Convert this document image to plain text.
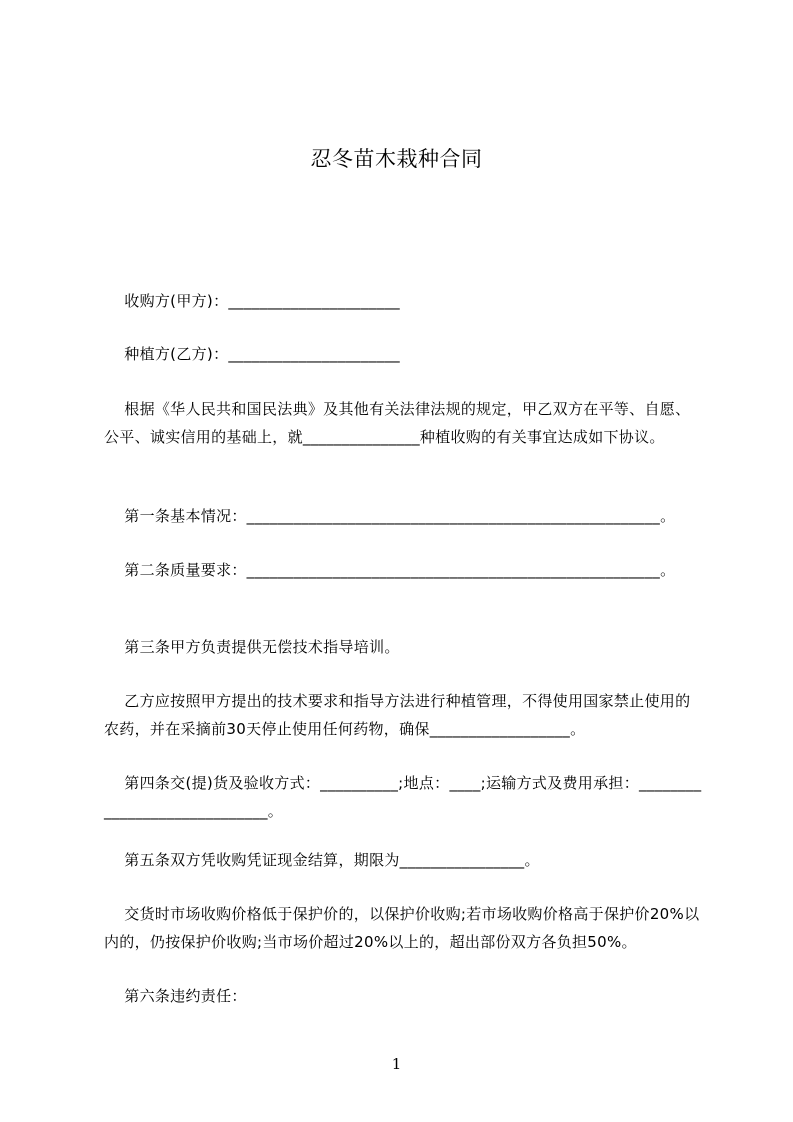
忍冬苗木栽种合同
收购方(甲方)：______________________
种植方(乙方)：______________________
根据《华人民共和国民法典》及其他有关法律法规的规定，甲乙双方在平等、自愿、公平、诚实信用的基础上，就_______________种植收购的有关事宜达成如下协议。
第一条基本情况：_____________________________________________________。
第二条质量要求：_____________________________________________________。
第三条甲方负责提供无偿技术指导培训。
乙方应按照甲方提出的技术要求和指导方法进行种植管理，不得使用国家禁止使用的农药，并在采摘前30天停止使用任何药物，确保__________________。
第四条交(提)货及验收方式：__________;地点：____;运输方式及费用承担：_____________________________。
第五条双方凭收购凭证现金结算，期限为________________。
交货时市场收购价格低于保护价的，以保护价收购;若市场收购价格高于保护价20%以内的，仍按保护价收购;当市场价超过20%以上的，超出部份双方各负担50%。
第六条违约责任：
1
